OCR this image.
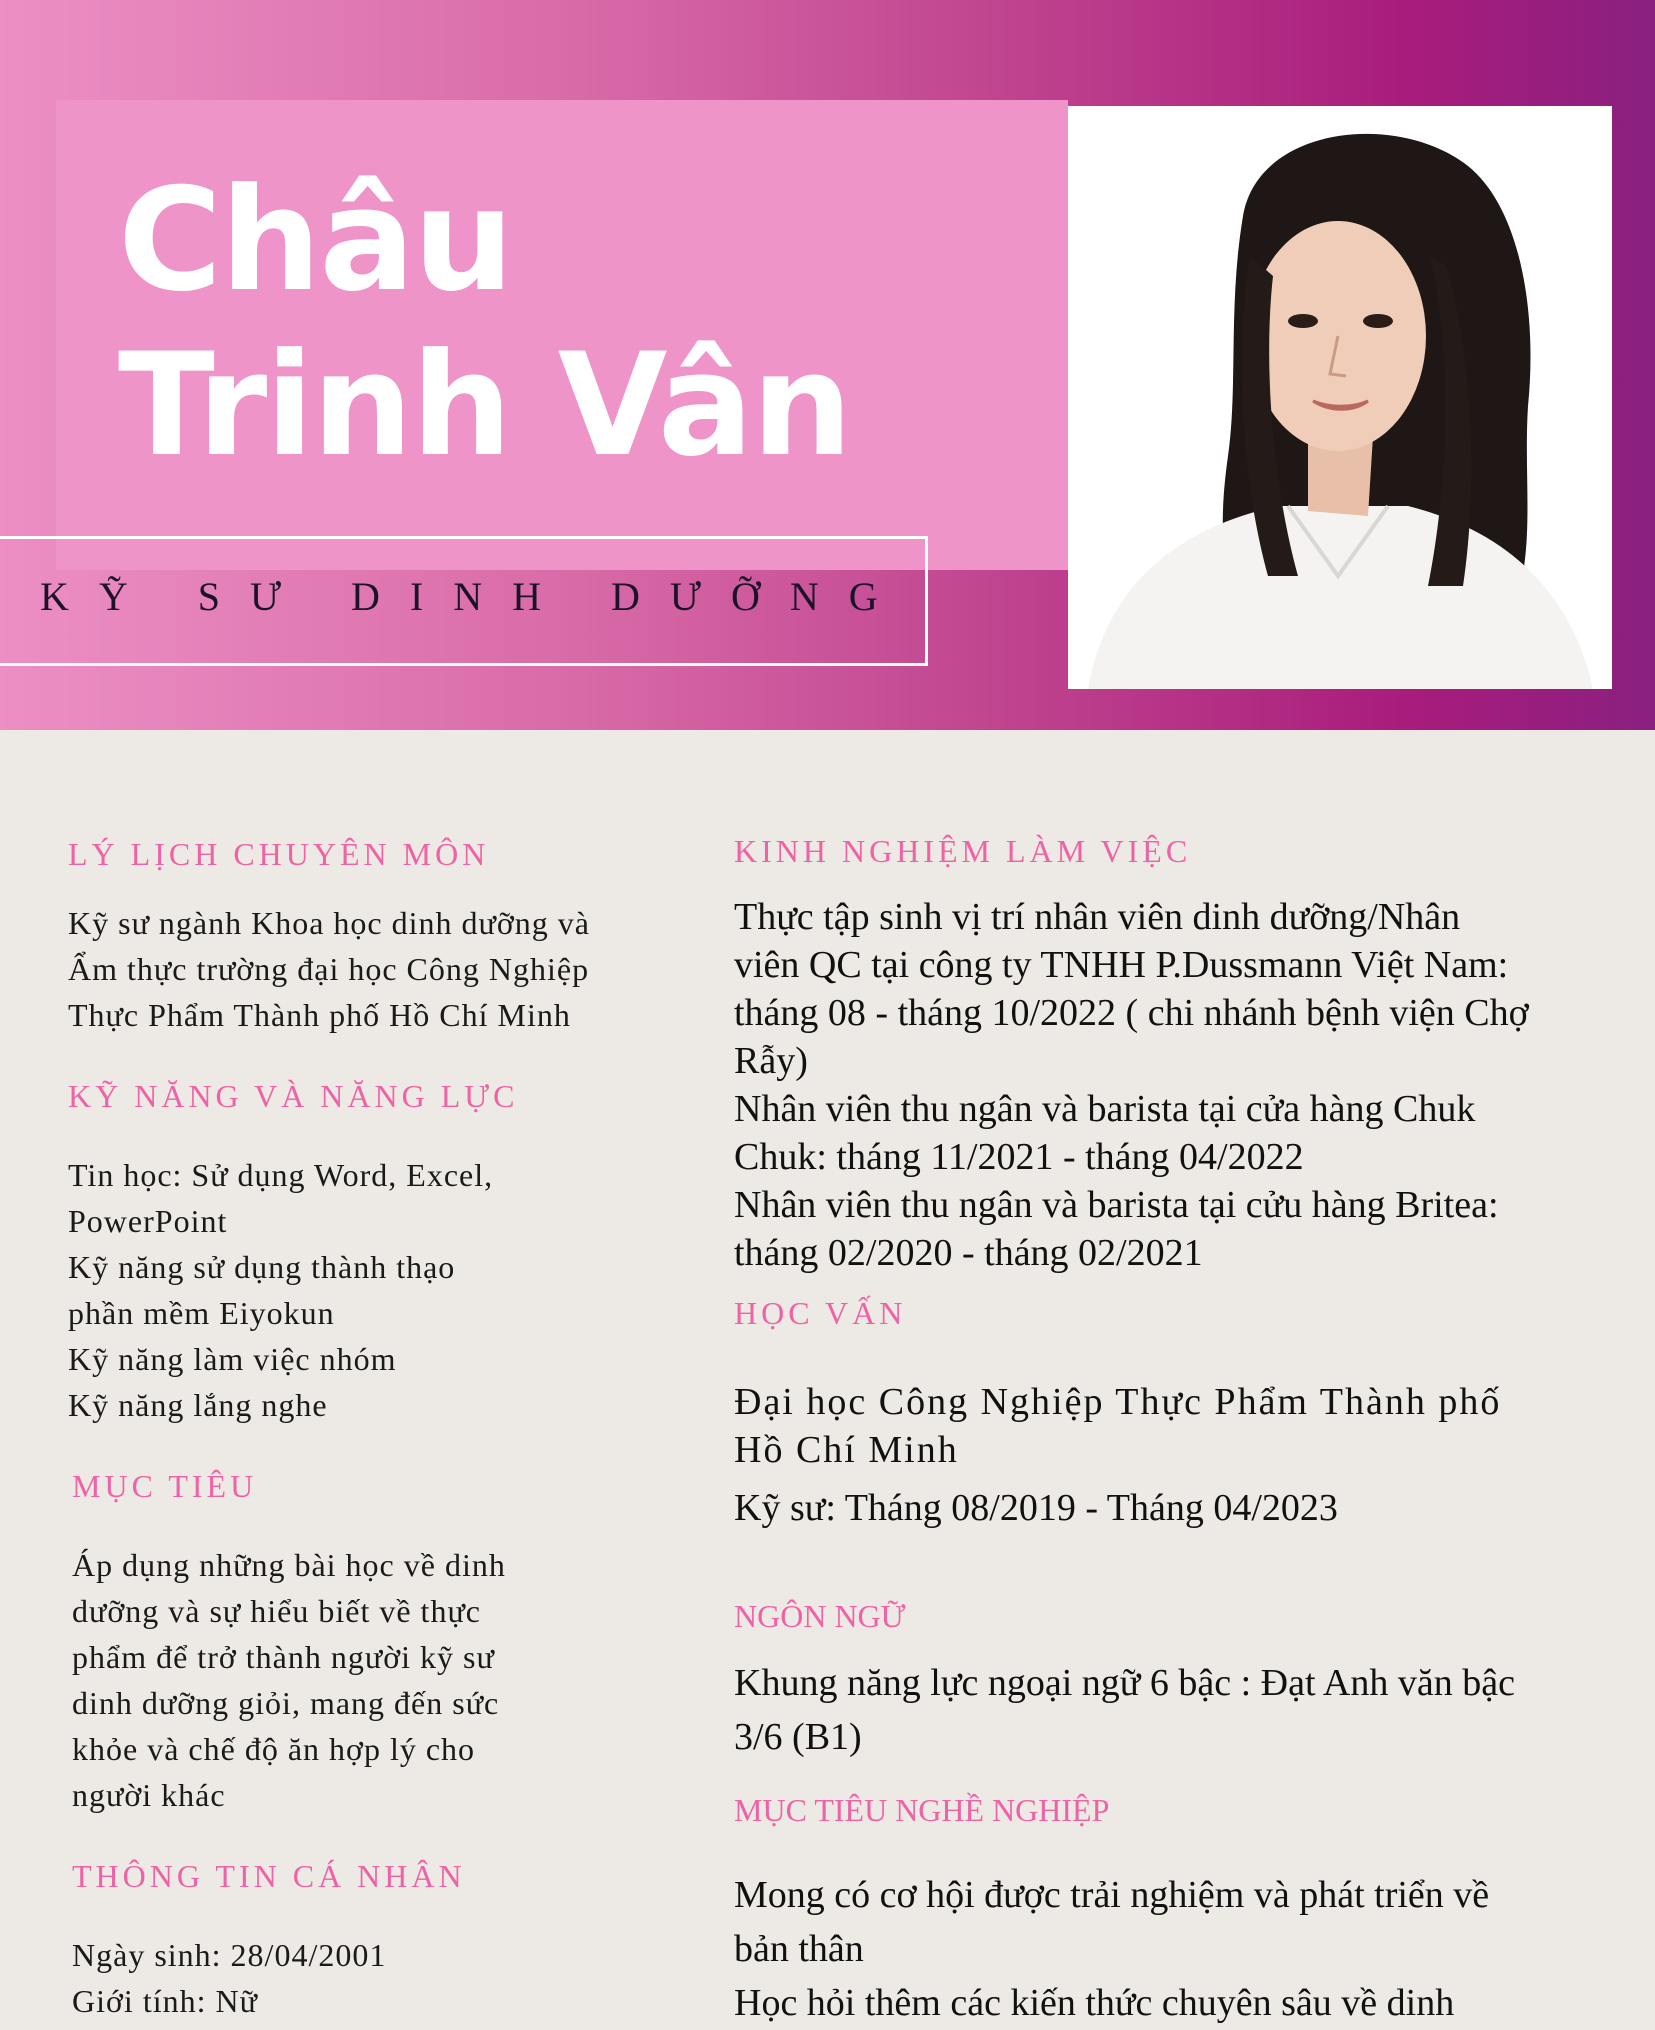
Châu
Trinh Vân
KỸ SƯ DINH DƯỠNG
LÝ LỊCH CHUYÊN MÔN
Kỹ sư ngành Khoa học dinh dưỡng và
Ẩm thực trường đại học Công Nghiệp
Thực Phẩm Thành phố Hồ Chí Minh
KỸ NĂNG VÀ NĂNG LỰC
Tin học: Sử dụng Word, Excel,
PowerPoint
Kỹ năng sử dụng thành thạo
phần mềm Eiyokun
Kỹ năng làm việc nhóm
Kỹ năng lắng nghe
MỤC TIÊU
Áp dụng những bài học về dinh
dưỡng và sự hiểu biết về thực
phẩm để trở thành người kỹ sư
dinh dưỡng giỏi, mang đến sức
khỏe và chế độ ăn hợp lý cho
người khác
THÔNG TIN CÁ NHÂN
Ngày sinh: 28/04/2001
Giới tính: Nữ
KINH NGHIỆM LÀM VIỆC
Thực tập sinh vị trí nhân viên dinh dưỡng/Nhân
viên QC tại công ty TNHH P.Dussmann Việt Nam:
tháng 08 - tháng 10/2022 ( chi nhánh bệnh viện Chợ
Rẫy)
Nhân viên thu ngân và barista tại cửa hàng Chuk
Chuk: tháng 11/2021 - tháng 04/2022
Nhân viên thu ngân và barista tại cửu hàng Britea:
tháng 02/2020 - tháng 02/2021
HỌC VẤN
Đại học Công Nghiệp Thực Phẩm Thành phố
Hồ Chí Minh
Kỹ sư: Tháng 08/2019 - Tháng 04/2023
NGÔN NGỮ
Khung năng lực ngoại ngữ 6 bậc : Đạt Anh văn bậc
3/6 (B1)
MỤC TIÊU NGHỀ NGHIỆP
Mong có cơ hội được trải nghiệm và phát triển về
bản thân
Học hỏi thêm các kiến thức chuyên sâu về dinh
